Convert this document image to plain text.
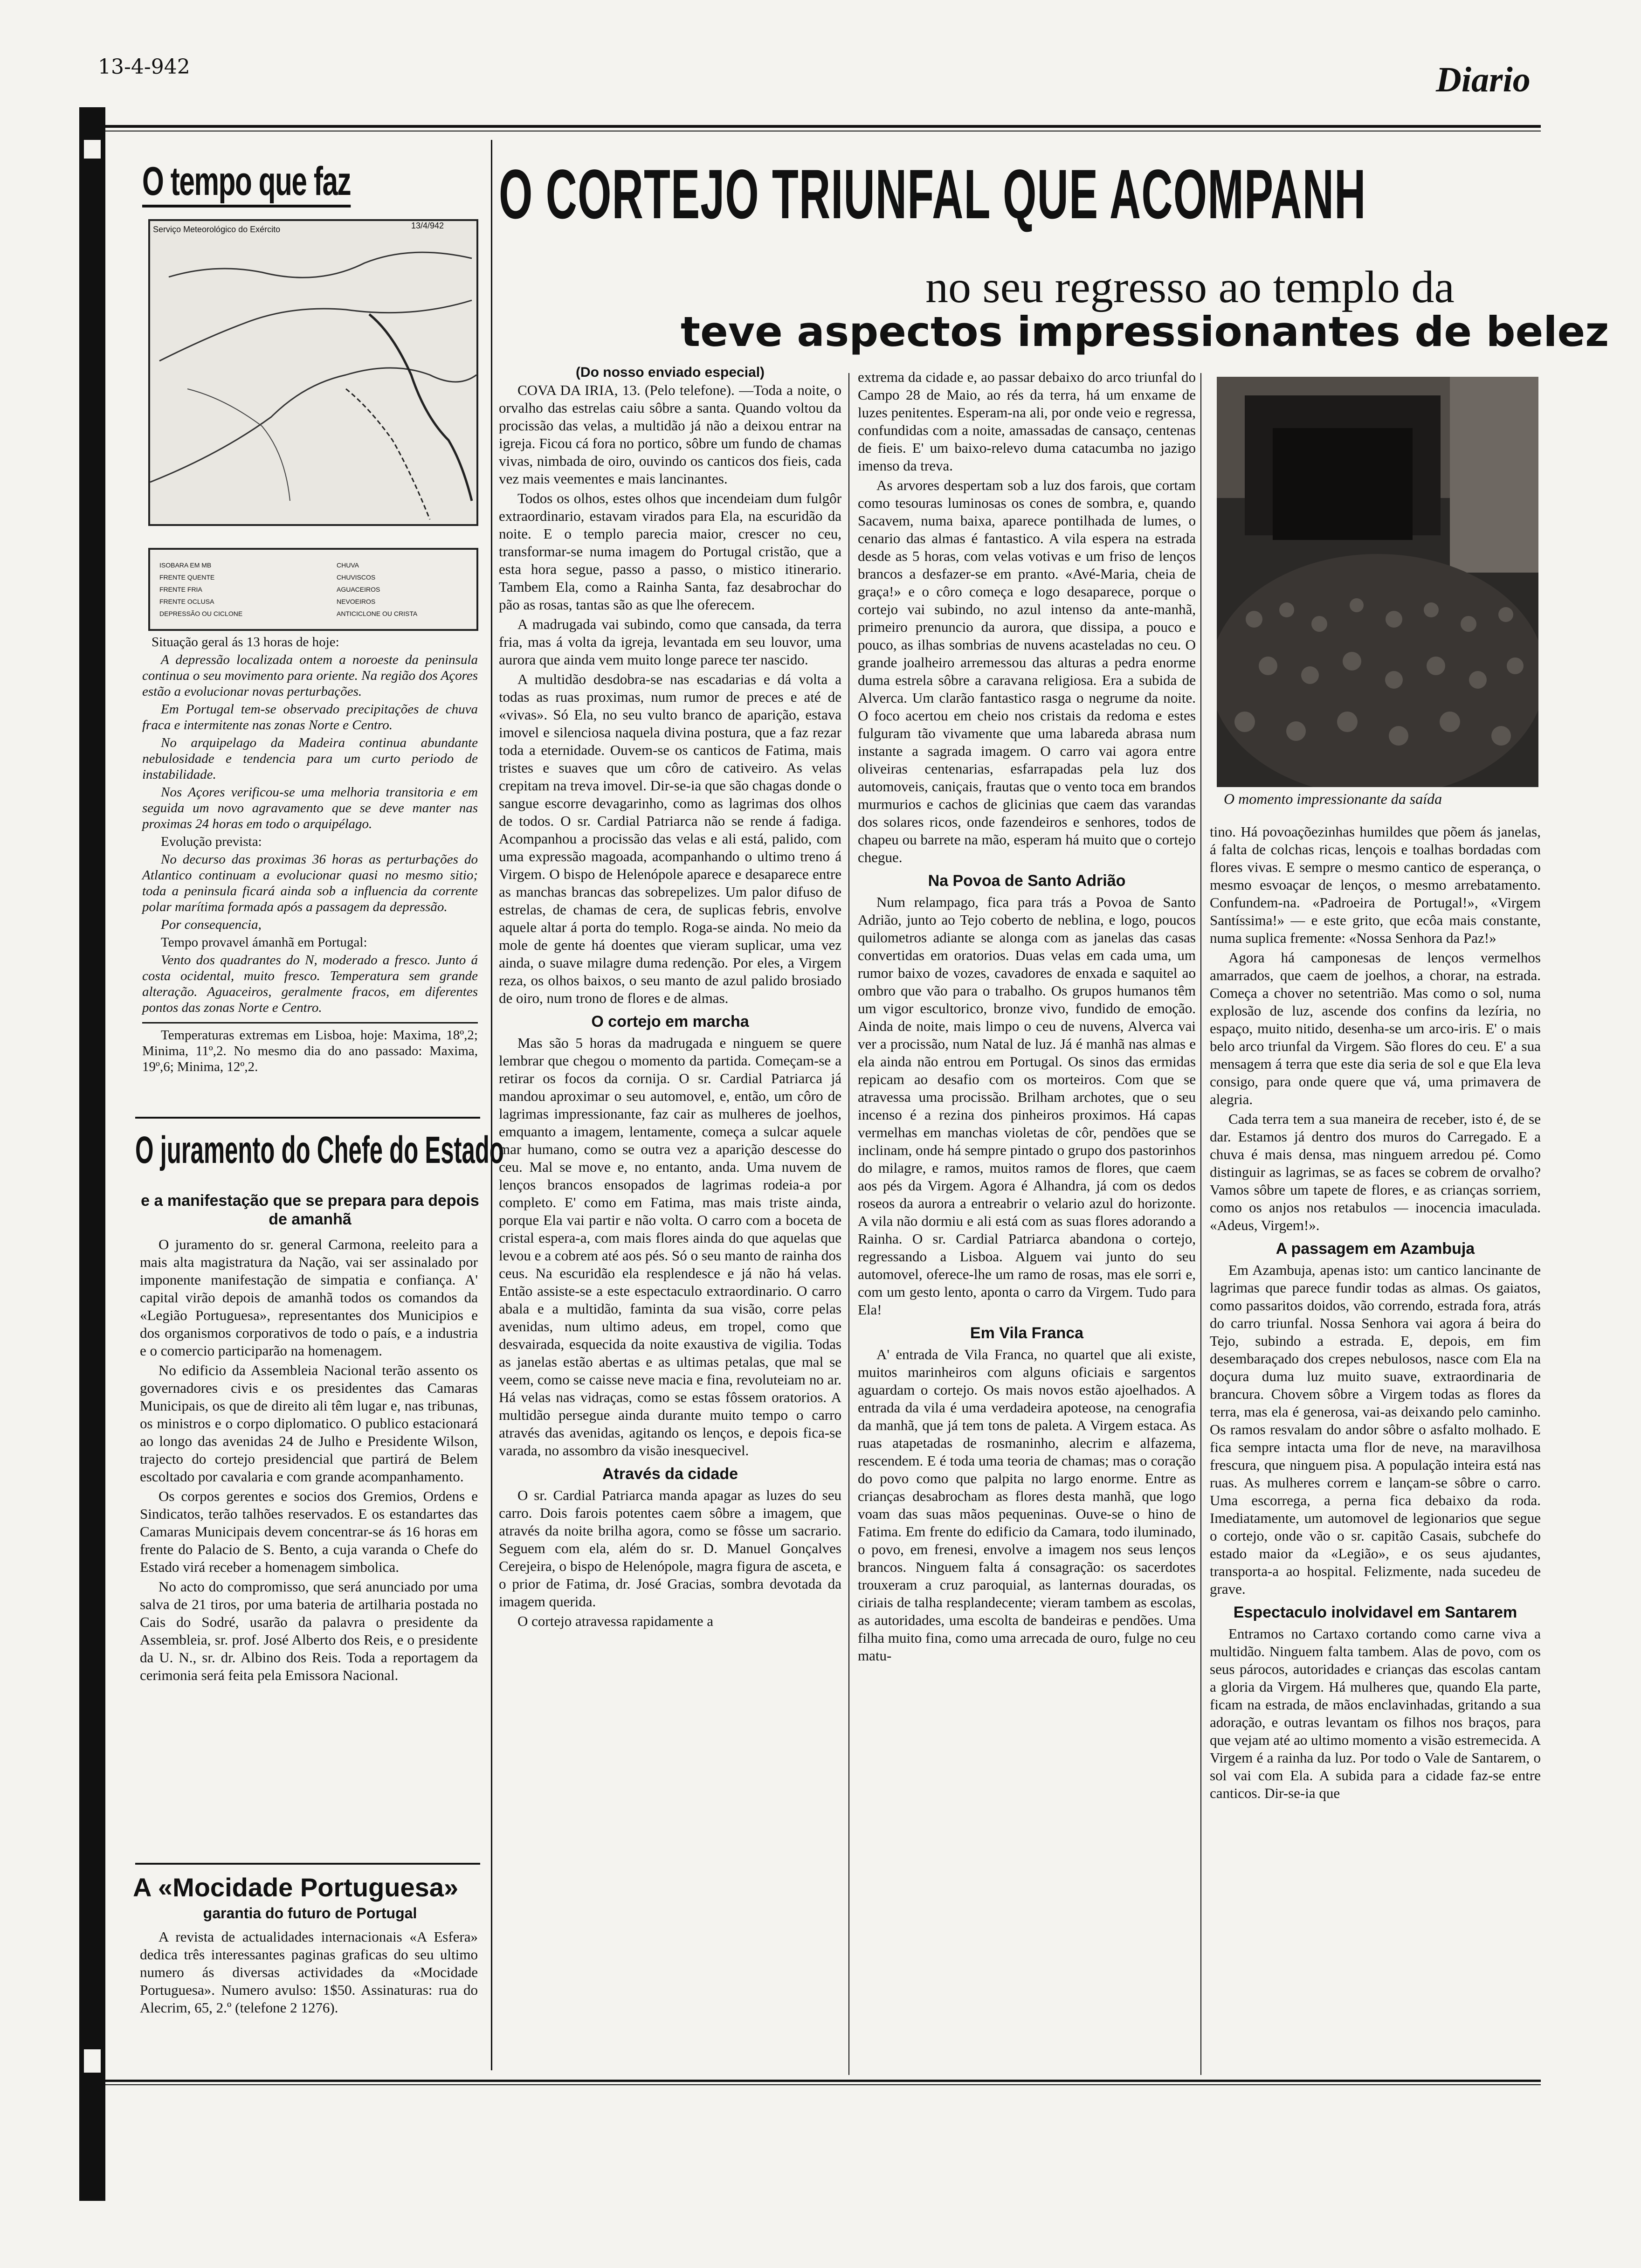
13-4-942	Diario
O tempo que faz
Serviço Meteorológico do Exército	13/4/942
ISOBARA EM MB
FRENTE QUENTE
FRENTE FRIA
FRENTE OCLUSA
DEPRESSÃO OU CICLONE
CHUVA
CHUVISCOS
AGUACEIROS
NEVOEIROS
ANTICICLONE OU CRISTA

Situação geral ás 13 horas de hoje:

A depressão localizada ontem a noroeste da peninsula continua o seu movimento para oriente. Na região dos Açores estão a evolucionar novas perturbações.

Em Portugal tem-se observado precipitações de chuva fraca e intermitente nas zonas Norte e Centro.

No arquipelago da Madeira continua abundante nebulosidade e tendencia para um curto periodo de instabilidade.

Nos Açores verificou-se uma melhoria transitoria e em seguida um novo agravamento que se deve manter nas proximas 24 horas em todo o arquipélago.

Evolução prevista:

No decurso das proximas 36 horas as perturbações do Atlantico continuam a evolucionar quasi no mesmo sitio; toda a peninsula ficará ainda sob a influencia da corrente polar marítima formada após a passagem da depressão.

Por consequencia,

Tempo provavel ámanhã em Portugal:

Vento dos quadrantes do N, moderado a fresco. Junto á costa ocidental, muito fresco. Temperatura sem grande alteração. Aguaceiros, geralmente fracos, em diferentes pontos das zonas Norte e Centro.

Temperaturas extremas em Lisboa, hoje: Maxima, 18º,2; Minima, 11º,2. No mesmo dia do ano passado: Maxima, 19º,6; Minima, 12º,2.

O juramento do Chefe do Estado
e a manifestação que se prepara para depois de amanhã

O juramento do sr. general Carmona, reeleito para a mais alta magistratura da Nação, vai ser assinalado por imponente manifestação de simpatia e confiança. A' capital virão depois de amanhã todos os comandos da «Legião Portuguesa», representantes dos Municipios e dos organismos corporativos de todo o país, e a industria e o comercio participarão na homenagem.

No edificio da Assembleia Nacional terão assento os governadores civis e os presidentes das Camaras Municipais, os que de direito ali têm lugar e, nas tribunas, os ministros e o corpo diplomatico. O publico estacionará ao longo das avenidas 24 de Julho e Presidente Wilson, trajecto do cortejo presidencial que partirá de Belem escoltado por cavalaria e com grande acompanhamento.

Os corpos gerentes e socios dos Gremios, Ordens e Sindicatos, terão talhões reservados. E os estandartes das Camaras Municipais devem concentrar-se ás 16 horas em frente do Palacio de S. Bento, a cuja varanda o Chefe do Estado virá receber a homenagem simbolica.

No acto do compromisso, que será anunciado por uma salva de 21 tiros, por uma bateria de artilharia postada no Cais do Sodré, usarão da palavra o presidente da Assembleia, sr. prof. José Alberto dos Reis, e o presidente da U. N., sr. dr. Albino dos Reis. Toda a reportagem da cerimonia será feita pela Emissora Nacional.

A «Mocidade Portuguesa»
garantia do futuro de Portugal

A revista de actualidades internacionais «A Esfera» dedica três interessantes paginas graficas do seu ultimo numero ás diversas actividades da «Mocidade Portuguesa». Numero avulso: 1$50. Assinaturas: rua do Alecrim, 65, 2.º (telefone 2 1276).

O CORTEJO TRIUNFAL QUE ACOMPANH
no seu regresso ao templo da
teve aspectos impressionantes de belez
O momento impressionante da saída
(Do nosso enviado especial)

COVA DA IRIA, 13. (Pelo telefone). —Toda a noite, o orvalho das estrelas caiu sôbre a santa. Quando voltou da procissão das velas, a multidão já não a deixou entrar na igreja. Ficou cá fora no portico, sôbre um fundo de chamas vivas, nimbada de oiro, ouvindo os canticos dos fieis, cada vez mais veementes e mais lancinantes.

Todos os olhos, estes olhos que incendeiam dum fulgôr extraordinario, estavam virados para Ela, na escuridão da noite. E o templo parecia maior, crescer no ceu, transformar-se numa imagem do Portugal cristão, que a esta hora segue, passo a passo, o mistico itinerario. Tambem Ela, como a Rainha Santa, faz desabrochar do pão as rosas, tantas são as que lhe oferecem.

A madrugada vai subindo, como que cansada, da terra fria, mas á volta da igreja, levantada em seu louvor, uma aurora que ainda vem muito longe parece ter nascido.

A multidão desdobra-se nas escadarias e dá volta a todas as ruas proximas, num rumor de preces e até de «vivas». Só Ela, no seu vulto branco de aparição, estava imovel e silenciosa naquela divina postura, que a faz rezar toda a eternidade. Ouvem-se os canticos de Fatima, mais tristes e suaves que um côro de cativeiro. As velas crepitam na treva imovel. Dir-se-ia que são chagas donde o sangue escorre devagarinho, como as lagrimas dos olhos de todos. O sr. Cardial Patriarca não se rende á fadiga. Acompanhou a procissão das velas e ali está, palido, com uma expressão magoada, acompanhando o ultimo treno á Virgem. O bispo de Helenópole aparece e desaparece entre as manchas brancas das sobrepelizes. Um palor difuso de estrelas, de chamas de cera, de suplicas febris, envolve aquele altar á porta do templo. Roga-se ainda. No meio da mole de gente há doentes que vieram suplicar, uma vez ainda, o suave milagre duma redenção. Por eles, a Virgem reza, os olhos baixos, o seu manto de azul palido brosiado de oiro, num trono de flores e de almas.

O cortejo em marcha

Mas são 5 horas da madrugada e ninguem se quere lembrar que chegou o momento da partida. Começam-se a retirar os focos da cornija. O sr. Cardial Patriarca já mandou aproximar o seu automovel, e, então, um côro de lagrimas impressionante, faz cair as mulheres de joelhos, emquanto a imagem, lentamente, começa a sulcar aquele mar humano, como se outra vez a aparição descesse do ceu. Mal se move e, no entanto, anda. Uma nuvem de lenços brancos ensopados de lagrimas rodeia-a por completo. E' como em Fatima, mas mais triste ainda, porque Ela vai partir e não volta. O carro com a boceta de cristal espera-a, com mais flores ainda do que aquelas que levou e a cobrem até aos pés. Só o seu manto de rainha dos ceus. Na escuridão ela resplendesce e já não há velas. Então assiste-se a este espectaculo extraordinario. O carro abala e a multidão, faminta da sua visão, corre pelas avenidas, num ultimo adeus, em tropel, como que desvairada, esquecida da noite exaustiva de vigilia. Todas as janelas estão abertas e as ultimas petalas, que mal se veem, como se caisse neve macia e fina, revoluteiam no ar. Há velas nas vidraças, como se estas fôssem oratorios. A multidão persegue ainda durante muito tempo o carro através das avenidas, agitando os lenços, e depois fica-se varada, no assombro da visão inesquecivel.

Através da cidade

O sr. Cardial Patriarca manda apagar as luzes do seu carro. Dois farois potentes caem sôbre a imagem, que através da noite brilha agora, como se fôsse um sacrario. Seguem com ela, além do sr. D. Manuel Gonçalves Cerejeira, o bispo de Helenópole, magra figura de asceta, e o prior de Fatima, dr. José Gracias, sombra devotada da imagem querida.

O cortejo atravessa rapidamente a

extrema da cidade e, ao passar debaixo do arco triunfal do Campo 28 de Maio, ao rés da terra, há um enxame de luzes penitentes. Esperam-na ali, por onde veio e regressa, confundidas com a noite, amassadas de cansaço, centenas de fieis. E' um baixo-relevo duma catacumba no jazigo imenso da treva.

As arvores despertam sob a luz dos farois, que cortam como tesouras luminosas os cones de sombra, e, quando Sacavem, numa baixa, aparece pontilhada de lumes, o cenario das almas é fantastico. A vila espera na estrada desde as 5 horas, com velas votivas e um friso de lenços brancos a desfazer-se em pranto. «Avé-Maria, cheia de graça!» e o côro começa e logo desaparece, porque o cortejo vai subindo, no azul intenso da ante-manhã, primeiro prenuncio da aurora, que dissipa, a pouco e pouco, as ilhas sombrias de nuvens acasteladas no ceu. O grande joalheiro arremessou das alturas a pedra enorme duma estrela sôbre a caravana religiosa. Era a subida de Alverca. Um clarão fantastico rasga o negrume da noite. O foco acertou em cheio nos cristais da redoma e estes fulguram tão vivamente que uma labareda abrasa num instante a sagrada imagem. O carro vai agora entre oliveiras centenarias, esfarrapadas pela luz dos automoveis, caniçais, frautas que o vento toca em brandos murmurios e cachos de glicinias que caem das varandas dos solares ricos, onde fazendeiros e senhores, todos de chapeu ou barrete na mão, esperam há muito que o cortejo chegue.

Na Povoa de Santo Adrião

Num relampago, fica para trás a Povoa de Santo Adrião, junto ao Tejo coberto de neblina, e logo, poucos quilometros adiante se alonga com as janelas das casas convertidas em oratorios. Duas velas em cada uma, um rumor baixo de vozes, cavadores de enxada e saquitel ao ombro que vão para o trabalho. Os grupos humanos têm um vigor escultorico, bronze vivo, fundido de emoção. Ainda de noite, mais limpo o ceu de nuvens, Alverca vai ver a procissão, num Natal de luz. Já é manhã nas almas e ela ainda não entrou em Portugal. Os sinos das ermidas repicam ao desafio com os morteiros. Com que se atravessa uma procissão. Brilham archotes, que o seu incenso é a rezina dos pinheiros proximos. Há capas vermelhas em manchas violetas de côr, pendões que se inclinam, onde há sempre pintado o grupo dos pastorinhos do milagre, e ramos, muitos ramos de flores, que caem aos pés da Virgem. Agora é Alhandra, já com os dedos roseos da aurora a entreabrir o velario azul do horizonte. A vila não dormiu e ali está com as suas flores adorando a Rainha. O sr. Cardial Patriarca abandona o cortejo, regressando a Lisboa. Alguem vai junto do seu automovel, oferece-lhe um ramo de rosas, mas ele sorri e, com um gesto lento, aponta o carro da Virgem. Tudo para Ela!

Em Vila Franca

A' entrada de Vila Franca, no quartel que ali existe, muitos marinheiros com alguns oficiais e sargentos aguardam o cortejo. Os mais novos estão ajoelhados. A entrada da vila é uma verdadeira apoteose, na cenografia da manhã, que já tem tons de paleta. A Virgem estaca. As ruas atapetadas de rosmaninho, alecrim e alfazema, rescendem. E é toda uma teoria de chamas; mas o coração do povo como que palpita no largo enorme. Entre as crianças desabrocham as flores desta manhã, que logo voam das suas mãos pequeninas. Ouve-se o hino de Fatima. Em frente do edificio da Camara, todo iluminado, o povo, em frenesi, envolve a imagem nos seus lenços brancos. Ninguem falta á consagração: os sacerdotes trouxeram a cruz paroquial, as lanternas douradas, os ciriais de talha resplandecente; vieram tambem as escolas, as autoridades, uma escolta de bandeiras e pendões. Uma filha muito fina, como uma arrecada de ouro, fulge no ceu matu-

tino. Há povoaçõezinhas humildes que põem ás janelas, á falta de colchas ricas, lençois e toalhas bordadas com flores vivas. E sempre o mesmo cantico de esperança, o mesmo esvoaçar de lenços, o mesmo arrebatamento. Confundem-na. «Padroeira de Portugal!», «Virgem Santíssima!» — e este grito, que ecôa mais constante, numa suplica fremente: «Nossa Senhora da Paz!»

Agora há camponesas de lenços vermelhos amarrados, que caem de joelhos, a chorar, na estrada. Começa a chover no setentrião. Mas como o sol, numa explosão de luz, ascende dos confins da lezíria, no espaço, muito nitido, desenha-se um arco-iris. E' o mais belo arco triunfal da Virgem. São flores do ceu. E' a sua mensagem á terra que este dia seria de sol e que Ela leva consigo, para onde quere que vá, uma primavera de alegria.

Cada terra tem a sua maneira de receber, isto é, de se dar. Estamos já dentro dos muros do Carregado. E a chuva é mais densa, mas ninguem arredou pé. Como distinguir as lagrimas, se as faces se cobrem de orvalho? Vamos sôbre um tapete de flores, e as crianças sorriem, como os anjos nos retabulos — inocencia imaculada. «Adeus, Virgem!».

A passagem em Azambuja

Em Azambuja, apenas isto: um cantico lancinante de lagrimas que parece fundir todas as almas. Os gaiatos, como passaritos doidos, vão correndo, estrada fora, atrás do carro triunfal. Nossa Senhora vai agora á beira do Tejo, subindo a estrada. E, depois, em fim desembaraçado dos crepes nebulosos, nasce com Ela na doçura duma luz muito suave, extraordinaria de brancura. Chovem sôbre a Virgem todas as flores da terra, mas ela é generosa, vai-as deixando pelo caminho. Os ramos resvalam do andor sôbre o asfalto molhado. E fica sempre intacta uma flor de neve, na maravilhosa frescura, que ninguem pisa. A população inteira está nas ruas. As mulheres correm e lançam-se sôbre o carro. Uma escorrega, a perna fica debaixo da roda. Imediatamente, um automovel de legionarios que segue o cortejo, onde vão o sr. capitão Casais, subchefe do estado maior da «Legião», e os seus ajudantes, transporta-a ao hospital. Felizmente, nada sucedeu de grave.

Espectaculo inolvidavel em Santarem

Entramos no Cartaxo cortando como carne viva a multidão. Ninguem falta tambem. Alas de povo, com os seus párocos, autoridades e crianças das escolas cantam a gloria da Virgem. Há mulheres que, quando Ela parte, ficam na estrada, de mãos enclavinhadas, gritando a sua adoração, e outras levantam os filhos nos braços, para que vejam até ao ultimo momento a visão estremecida. A Virgem é a rainha da luz. Por todo o Vale de Santarem, o sol vai com Ela. A subida para a cidade faz-se entre canticos. Dir-se-ia que
